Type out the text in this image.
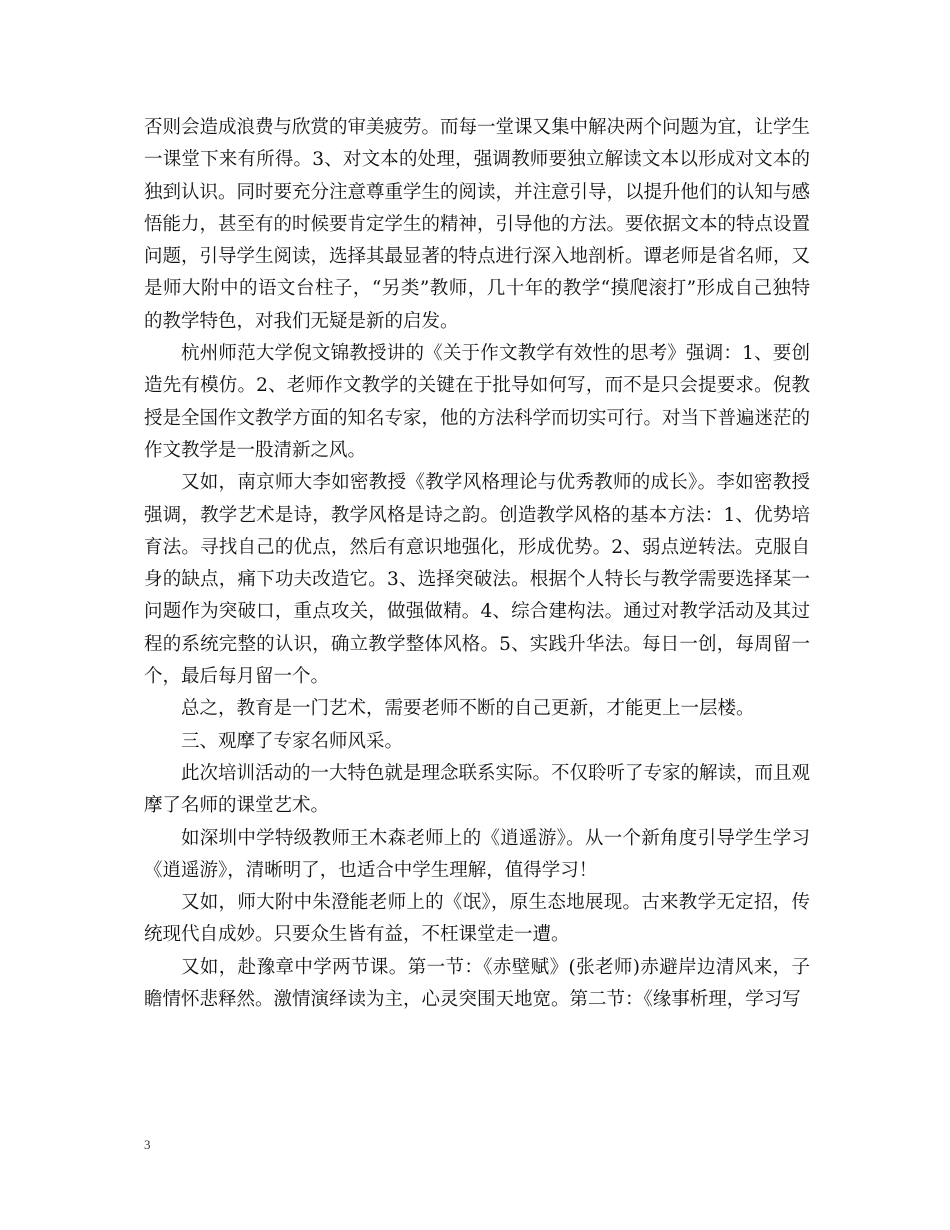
否则会造成浪费与欣赏的审美疲劳。而每一堂课又集中解决两个问题为宜，让学生一课堂下来有所得。3、对文本的处理，强调教师要独立解读文本以形成对文本的独到认识。同时要充分注意尊重学生的阅读，并注意引导，以提升他们的认知与感悟能力，甚至有的时候要肯定学生的精神，引导他的方法。要依据文本的特点设置问题，引导学生阅读，选择其最显著的特点进行深入地剖析。谭老师是省名师，又是师大附中的语文台柱子，“另类”教师，几十年的教学“摸爬滚打”形成自己独特的教学特色，对我们无疑是新的启发。

杭州师范大学倪文锦教授讲的《关于作文教学有效性的思考》强调：1、要创造先有模仿。2、老师作文教学的关键在于批导如何写，而不是只会提要求。倪教授是全国作文教学方面的知名专家，他的方法科学而切实可行。对当下普遍迷茫的作文教学是一股清新之风。

又如，南京师大李如密教授《教学风格理论与优秀教师的成长》。李如密教授强调，教学艺术是诗，教学风格是诗之韵。创造教学风格的基本方法：1、优势培育法。寻找自己的优点，然后有意识地强化，形成优势。2、弱点逆转法。克服自身的缺点，痛下功夫改造它。3、选择突破法。根据个人特长与教学需要选择某一问题作为突破口，重点攻关，做强做精。4、综合建构法。通过对教学活动及其过程的系统完整的认识，确立教学整体风格。5、实践升华法。每日一创，每周留一个，最后每月留一个。

总之，教育是一门艺术，需要老师不断的自己更新，才能更上一层楼。

三、观摩了专家名师风采。

此次培训活动的一大特色就是理念联系实际。不仅聆听了专家的解读，而且观摩了名师的课堂艺术。

如深圳中学特级教师王木森老师上的《逍遥游》。从一个新角度引导学生学习《逍遥游》，清晰明了，也适合中学生理解，值得学习！

又如，师大附中朱澄能老师上的《氓》，原生态地展现。古来教学无定招，传统现代自成妙。只要众生皆有益，不枉课堂走一遭。

又如，赴豫章中学两节课。第一节：《赤壁赋》(张老师)赤避岸边清风来，子瞻情怀悲释然。激情演绎读为主，心灵突围天地宽。第二节：《缘事析理，学习写

3
